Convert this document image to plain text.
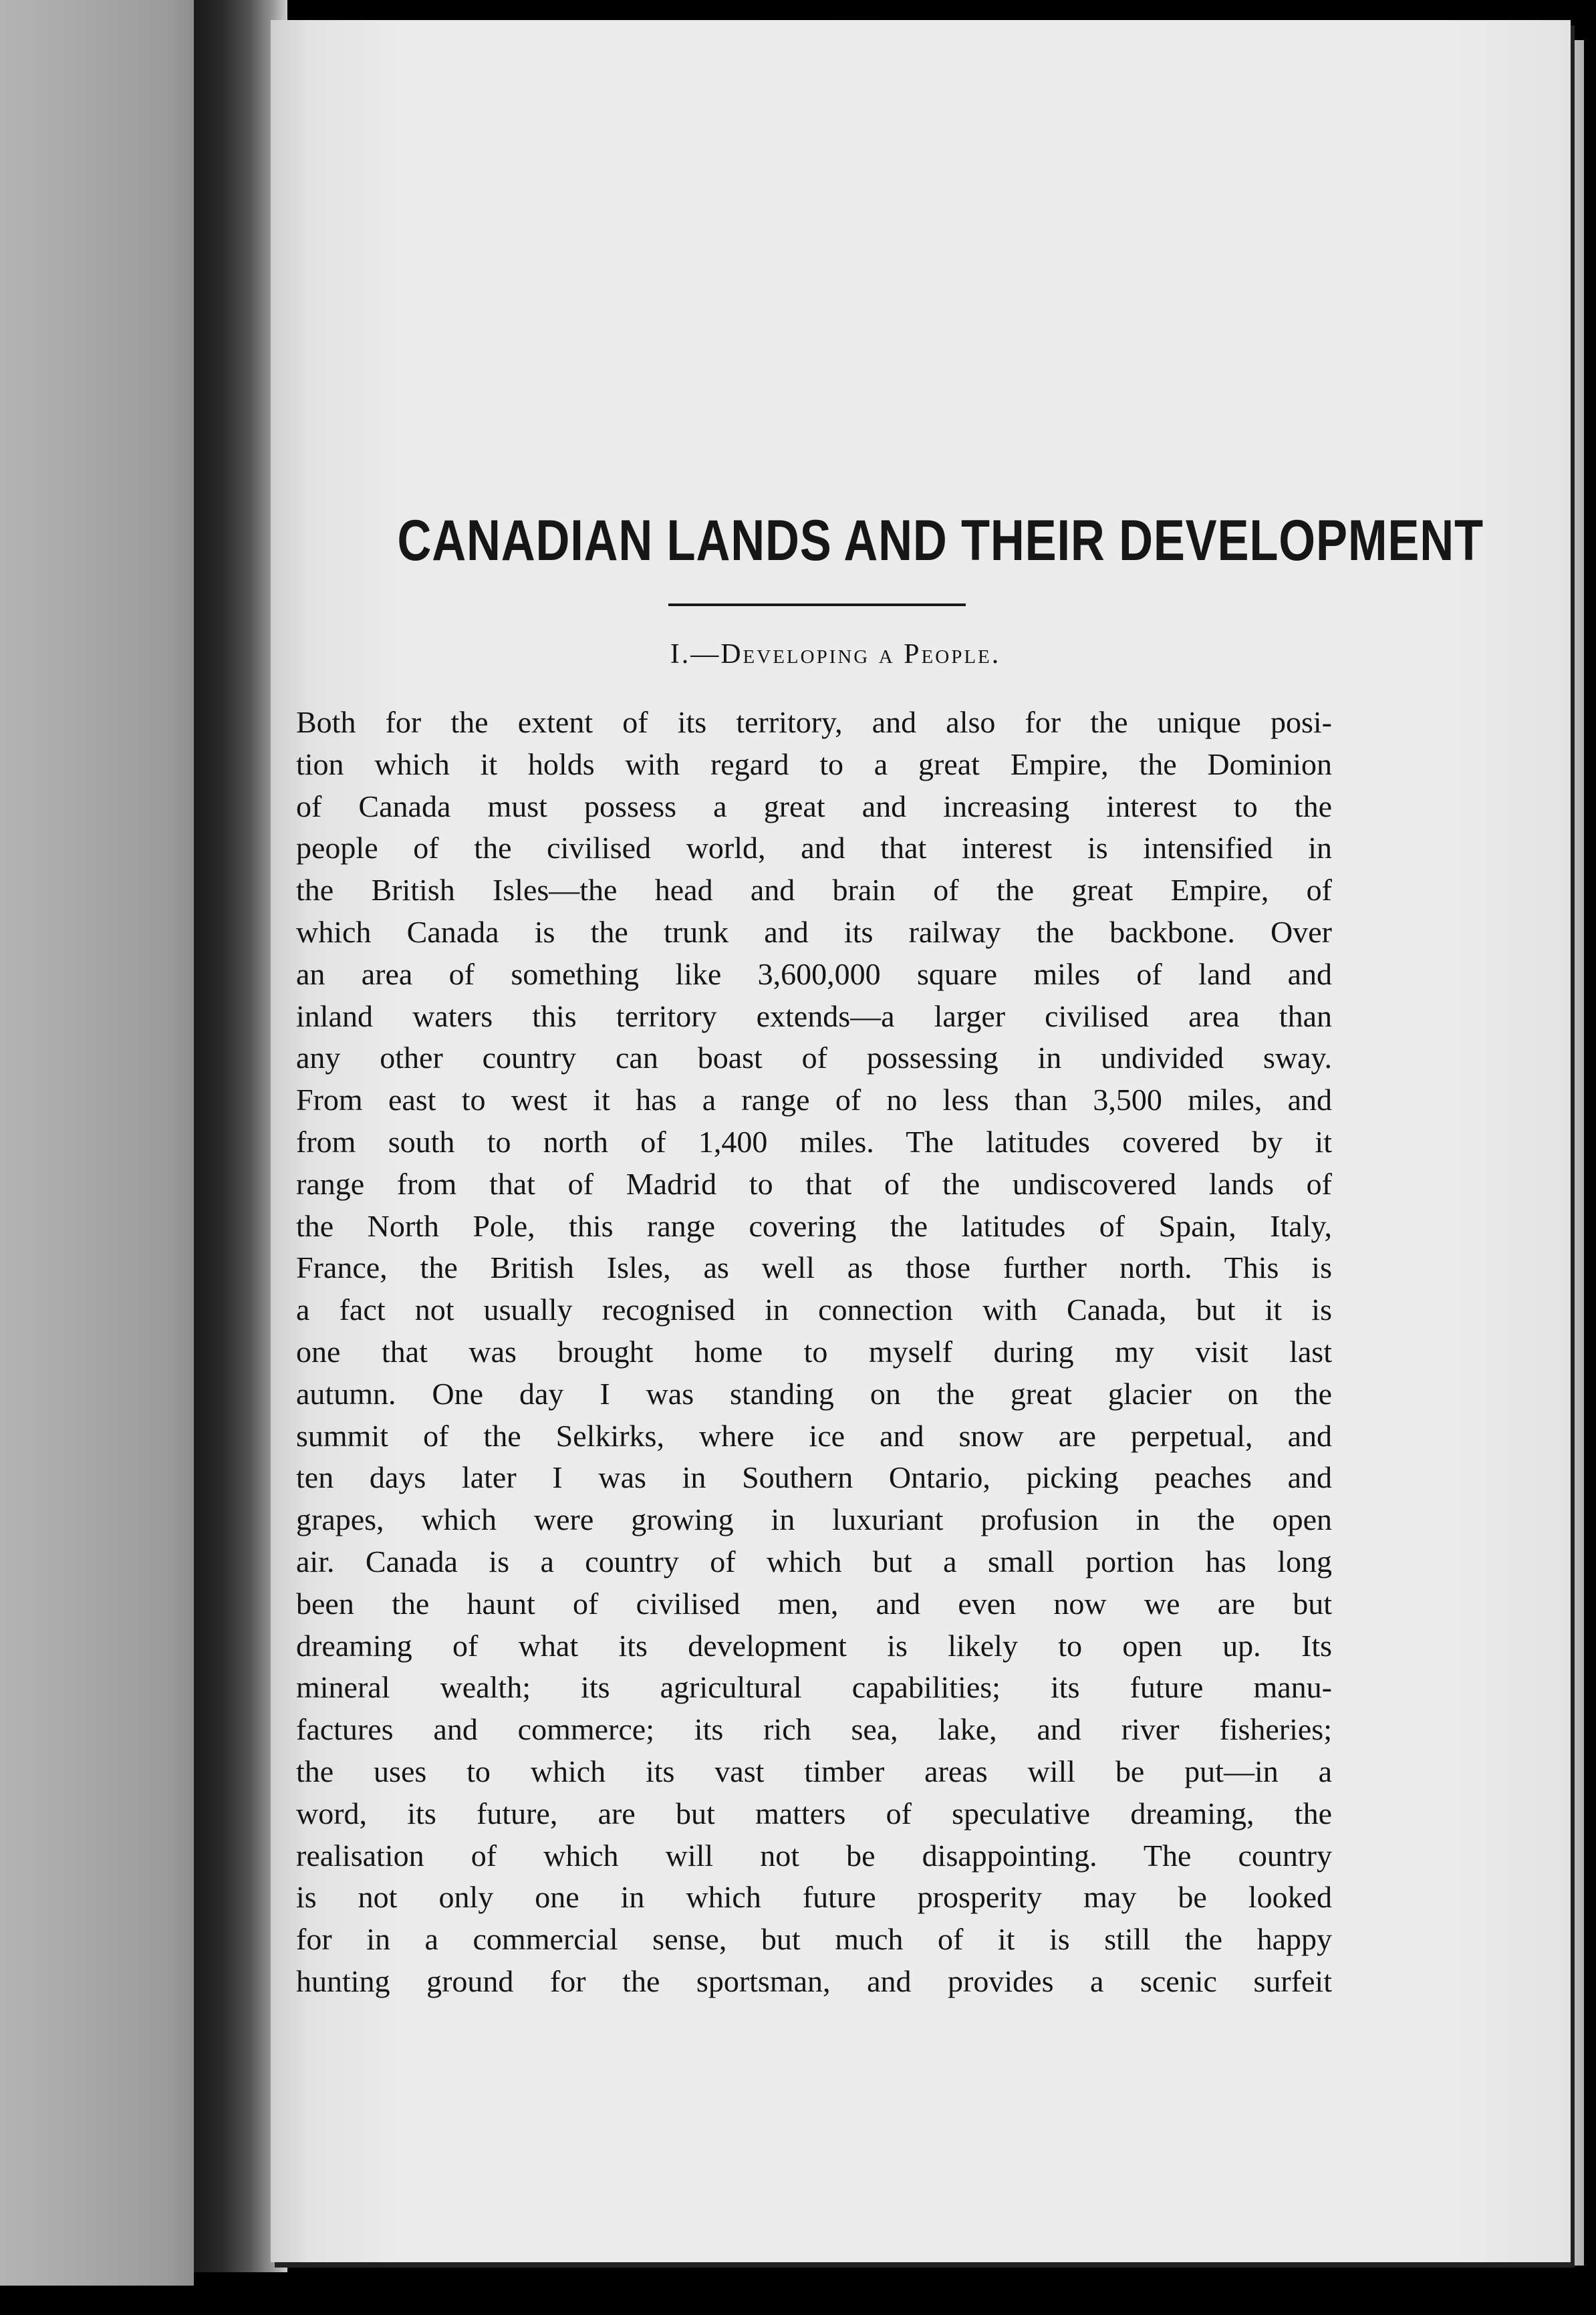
CANADIAN LANDS AND THEIR DEVELOPMENT
I.—Developing a People.
Both for the extent of its territory, and also for the unique posi-
tion which it holds with regard to a great Empire, the Dominion
of Canada must possess a great and increasing interest to the
people of the civilised world, and that interest is intensified in
the British Isles—the head and brain of the great Empire, of
which Canada is the trunk and its railway the backbone. Over
an area of something like 3,600,000 square miles of land and
inland waters this territory extends—a larger civilised area than
any other country can boast of possessing in undivided sway.
From east to west it has a range of no less than 3,500 miles, and
from south to north of 1,400 miles. The latitudes covered by it
range from that of Madrid to that of the undiscovered lands of
the North Pole, this range covering the latitudes of Spain, Italy,
France, the British Isles, as well as those further north. This is
a fact not usually recognised in connection with Canada, but it is
one that was brought home to myself during my visit last
autumn. One day I was standing on the great glacier on the
summit of the Selkirks, where ice and snow are perpetual, and
ten days later I was in Southern Ontario, picking peaches and
grapes, which were growing in luxuriant profusion in the open
air. Canada is a country of which but a small portion has long
been the haunt of civilised men, and even now we are but
dreaming of what its development is likely to open up. Its
mineral wealth; its agricultural capabilities; its future manu-
factures and commerce; its rich sea, lake, and river fisheries;
the uses to which its vast timber areas will be put—in a
word, its future, are but matters of speculative dreaming, the
realisation of which will not be disappointing. The country
is not only one in which future prosperity may be looked
for in a commercial sense, but much of it is still the happy
hunting ground for the sportsman, and provides a scenic surfeit
